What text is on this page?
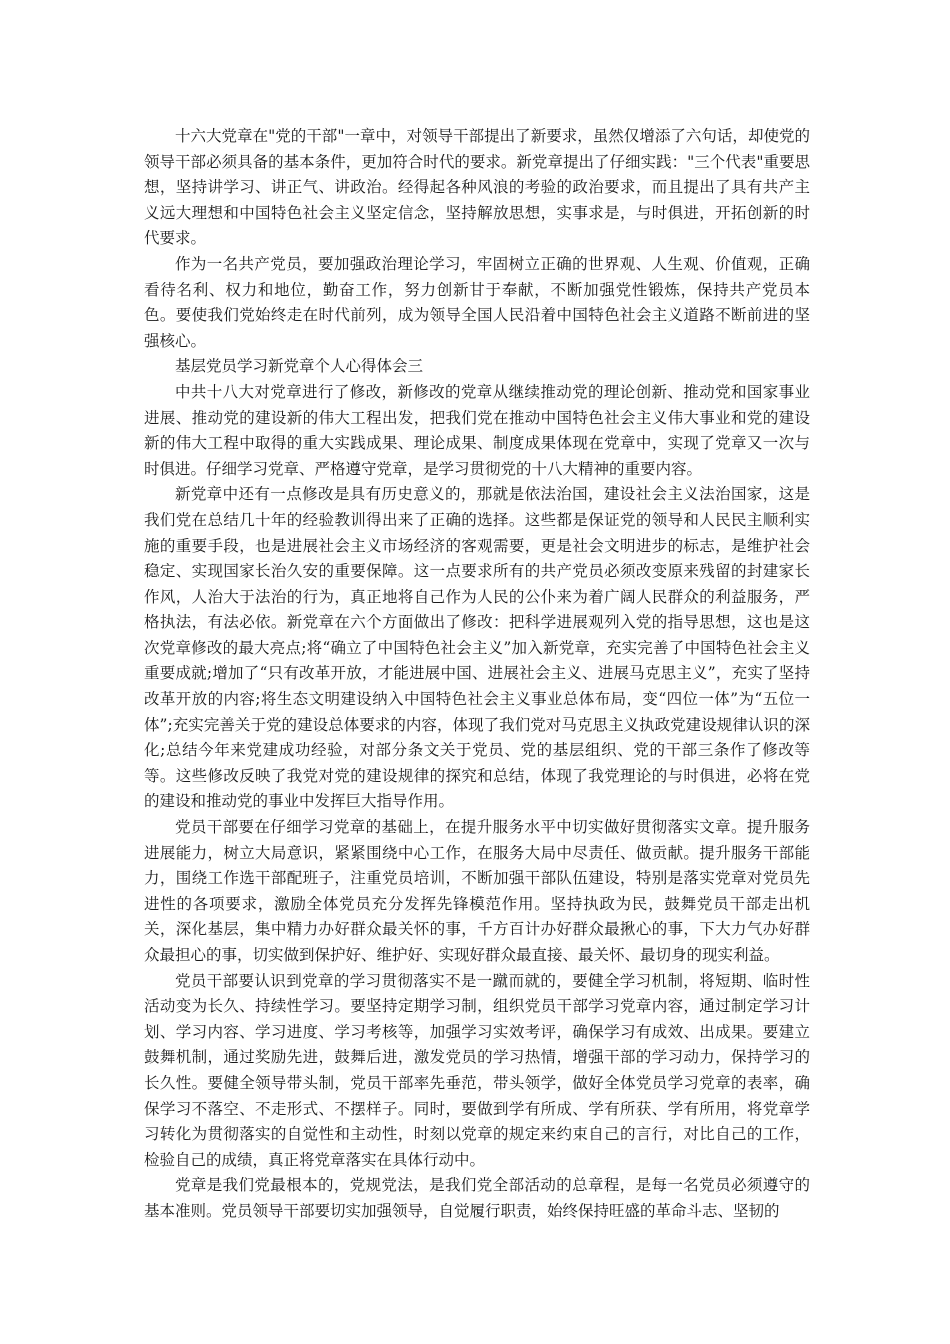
十六大党章在"党的干部"一章中，对领导干部提出了新要求，虽然仅增添了六句话，却使党的领导干部必须具备的基本条件，更加符合时代的要求。新党章提出了仔细实践："三个代表"重要思想，坚持讲学习、讲正气、讲政治。经得起各种风浪的考验的政治要求，而且提出了具有共产主义远大理想和中国特色社会主义坚定信念，坚持解放思想，实事求是，与时俱进，开拓创新的时代要求。

作为一名共产党员，要加强政治理论学习，牢固树立正确的世界观、人生观、价值观，正确看待名利、权力和地位，勤奋工作，努力创新甘于奉献，不断加强党性锻炼，保持共产党员本色。要使我们党始终走在时代前列，成为领导全国人民沿着中国特色社会主义道路不断前进的坚强核心。

基层党员学习新党章个人心得体会三

中共十八大对党章进行了修改，新修改的党章从继续推动党的理论创新、推动党和国家事业进展、推动党的建设新的伟大工程出发，把我们党在推动中国特色社会主义伟大事业和党的建设新的伟大工程中取得的重大实践成果、理论成果、制度成果体现在党章中，实现了党章又一次与时俱进。仔细学习党章、严格遵守党章，是学习贯彻党的十八大精神的重要内容。

新党章中还有一点修改是具有历史意义的，那就是依法治国，建设社会主义法治国家，这是我们党在总结几十年的经验教训得出来了正确的选择。这些都是保证党的领导和人民民主顺利实施的重要手段，也是进展社会主义市场经济的客观需要，更是社会文明进步的标志，是维护社会稳定、实现国家长治久安的重要保障。这一点要求所有的共产党员必须改变原来残留的封建家长作风，人治大于法治的行为，真正地将自己作为人民的公仆来为着广阔人民群众的利益服务，严格执法，有法必依。新党章在六个方面做出了修改：把科学进展观列入党的指导思想，这也是这次党章修改的最大亮点;将“确立了中国特色社会主义”加入新党章，充实完善了中国特色社会主义重要成就;增加了“只有改革开放，才能进展中国、进展社会主义、进展马克思主义”，充实了坚持改革开放的内容;将生态文明建设纳入中国特色社会主义事业总体布局，变“四位一体”为“五位一体”;充实完善关于党的建设总体要求的内容，体现了我们党对马克思主义执政党建设规律认识的深化;总结今年来党建成功经验，对部分条文关于党员、党的基层组织、党的干部三条作了修改等等。这些修改反映了我党对党的建设规律的探究和总结，体现了我党理论的与时俱进，必将在党的建设和推动党的事业中发挥巨大指导作用。

党员干部要在仔细学习党章的基础上，在提升服务水平中切实做好贯彻落实文章。提升服务进展能力，树立大局意识，紧紧围绕中心工作，在服务大局中尽责任、做贡献。提升服务干部能力，围绕工作选干部配班子，注重党员培训，不断加强干部队伍建设，特别是落实党章对党员先进性的各项要求，激励全体党员充分发挥先锋模范作用。坚持执政为民，鼓舞党员干部走出机关，深化基层，集中精力办好群众最关怀的事，千方百计办好群众最揪心的事，下大力气办好群众最担心的事，切实做到保护好、维护好、实现好群众最直接、最关怀、最切身的现实利益。

党员干部要认识到党章的学习贯彻落实不是一蹴而就的，要健全学习机制，将短期、临时性活动变为长久、持续性学习。要坚持定期学习制，组织党员干部学习党章内容，通过制定学习计划、学习内容、学习进度、学习考核等，加强学习实效考评，确保学习有成效、出成果。要建立鼓舞机制，通过奖励先进，鼓舞后进，激发党员的学习热情，增强干部的学习动力，保持学习的长久性。要健全领导带头制，党员干部率先垂范，带头领学，做好全体党员学习党章的表率，确保学习不落空、不走形式、不摆样子。同时，要做到学有所成、学有所获、学有所用，将党章学习转化为贯彻落实的自觉性和主动性，时刻以党章的规定来约束自己的言行，对比自己的工作，检验自己的成绩，真正将党章落实在具体行动中。

党章是我们党最根本的，党规党法，是我们党全部活动的总章程，是每一名党员必须遵守的基本准则。党员领导干部要切实加强领导，自觉履行职责，始终保持旺盛的革命斗志、坚韧的
